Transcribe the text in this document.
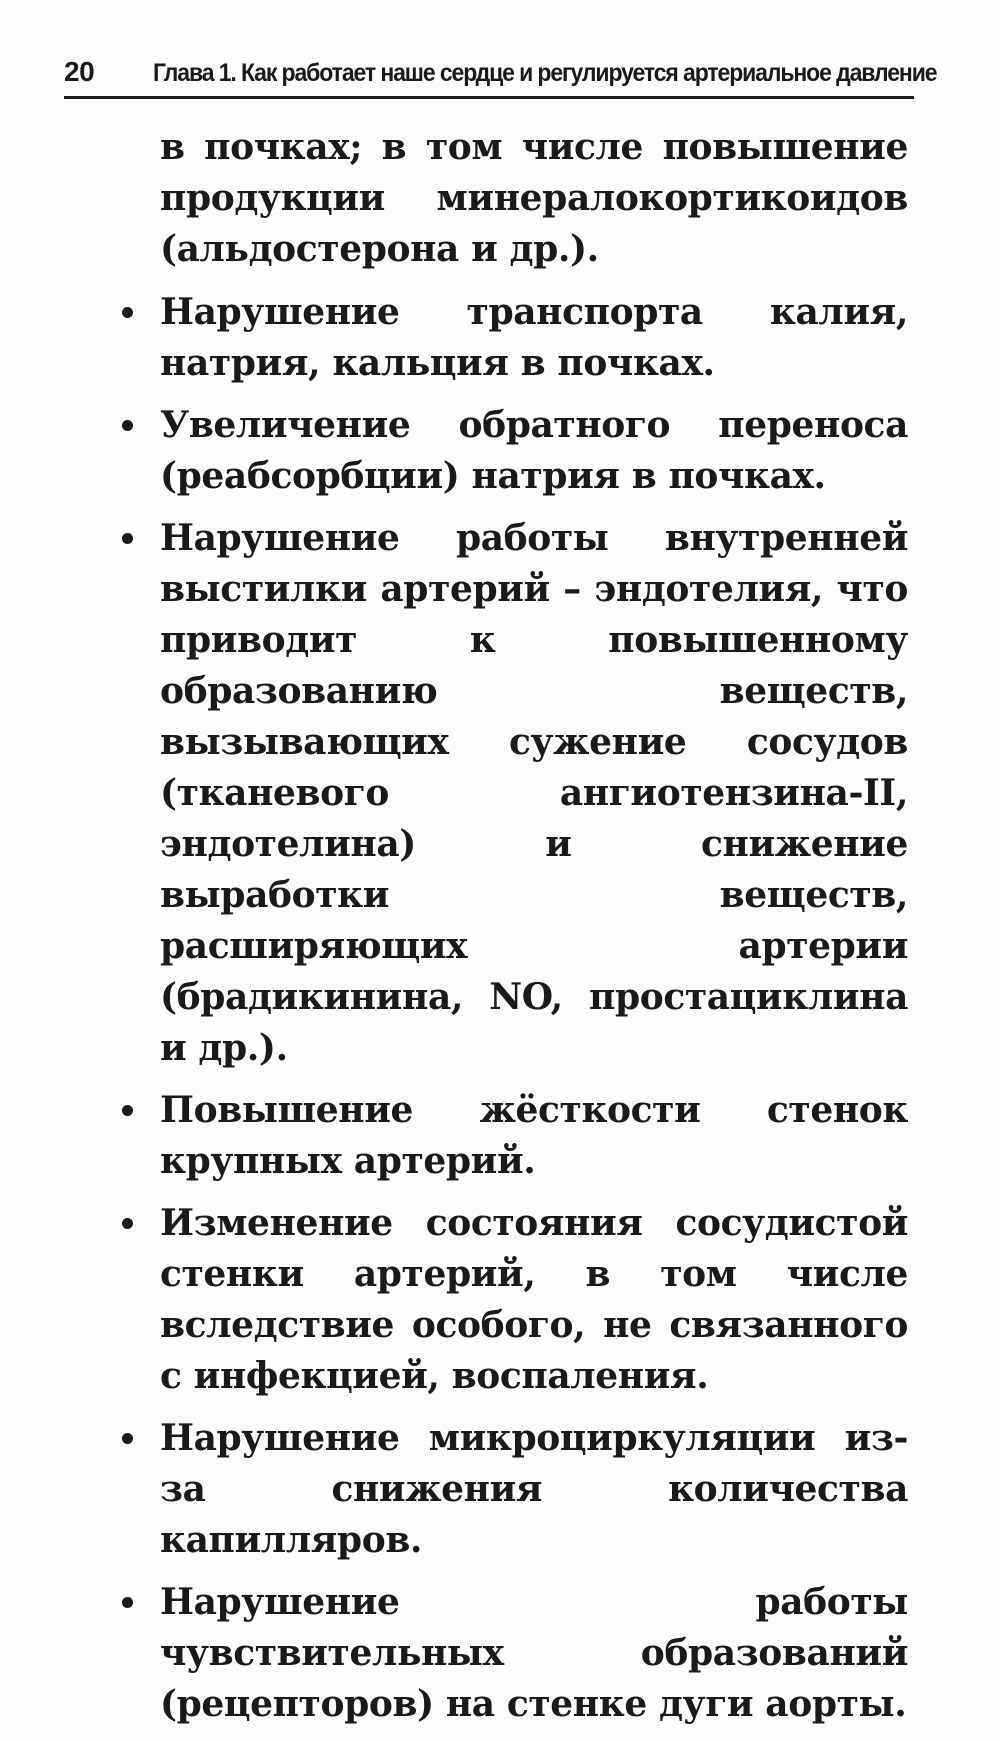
20 Глава 1. Как работает наше сердце и регулируется артериальное давление

в почках; в том числе повышение продукции минералокортикоидов (альдостерона и др.).

Нарушение транспорта калия, натрия, кальция в почках.
Увеличение обратного переноса (реабсорбции) натрия в почках.
Нарушение работы внутренней выстилки артерий – эндотелия, что приводит к повышенному образованию веществ, вызывающих сужение сосудов (тканевого ангиотензина-II, эндотелина) и снижение выработки веществ, расширяющих артерии (брадикинина, NO, простациклина и др.).
Повышение жёсткости стенок крупных артерий.
Изменение состояния сосудистой стенки артерий, в том числе вследствие особого, не связанного с инфекцией, воспаления.
Нарушение микроциркуляции из-за снижения количества капилляров.
Нарушение работы чувствительных образований (рецепторов) на стенке дуги аорты.
